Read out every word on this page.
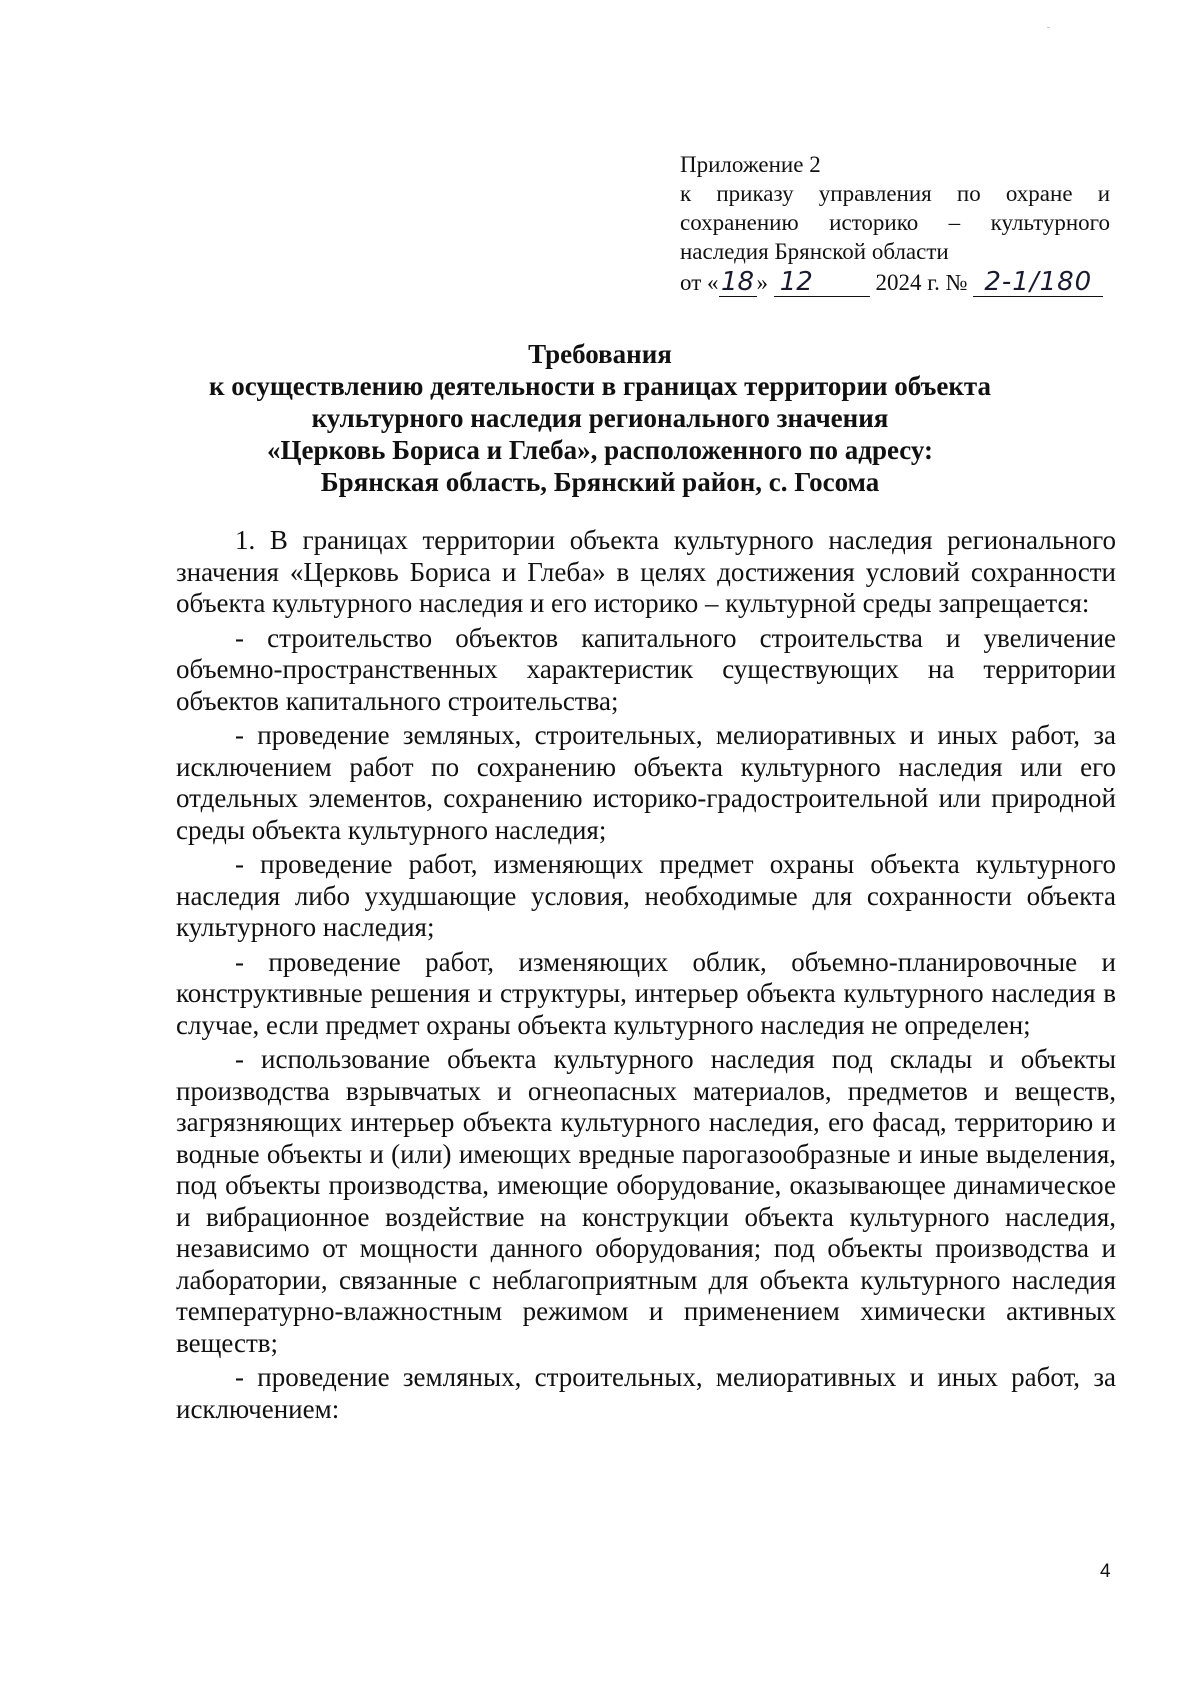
Приложение 2
к приказу управления по охране и
сохранению историко – культурного
наследия Брянской области
от « 18 »
12
	2024 г. №
2-1/180
Требования
к осуществлению деятельности в границах территории объекта
культурного наследия регионального значения
«Церковь Бориса и Глеба», расположенного по адресу:
Брянская область, Брянский район, с. Госома

1. В границах территории объекта культурного наследия регионального значения «Церковь Бориса и Глеба» в целях достижения условий сохранности объекта культурного наследия и его историко – культурной среды запрещается:

- строительство объектов капитального строительства и увеличение объемно-пространственных характеристик существующих на территории объектов капитального строительства;

- проведение земляных, строительных, мелиоративных и иных работ, за исключением работ по сохранению объекта культурного наследия или его отдельных элементов, сохранению историко-градостроительной или природной среды объекта культурного наследия;

- проведение работ, изменяющих предмет охраны объекта культурного наследия либо ухудшающие условия, необходимые для сохранности объекта культурного наследия;

- проведение работ, изменяющих облик, объемно-планировочные и конструктивные решения и структуры, интерьер объекта культурного наследия в случае, если предмет охраны объекта культурного наследия не определен;

- использование объекта культурного наследия под склады и объекты производства взрывчатых и огнеопасных материалов, предметов и веществ, загрязняющих интерьер объекта культурного наследия, его фасад, территорию и водные объекты и (или) имеющих вредные парогазообразные и иные выделения, под объекты производства, имеющие оборудование, оказывающее динамическое и вибрационное воздействие на конструкции объекта культурного наследия, независимо от мощности данного оборудования; под объекты производства и лаборатории, связанные с неблагоприятным для объекта культурного наследия температурно-влажностным режимом и применением химически активных веществ;

- проведение земляных, строительных, мелиоративных и иных работ, за исключением:

4
